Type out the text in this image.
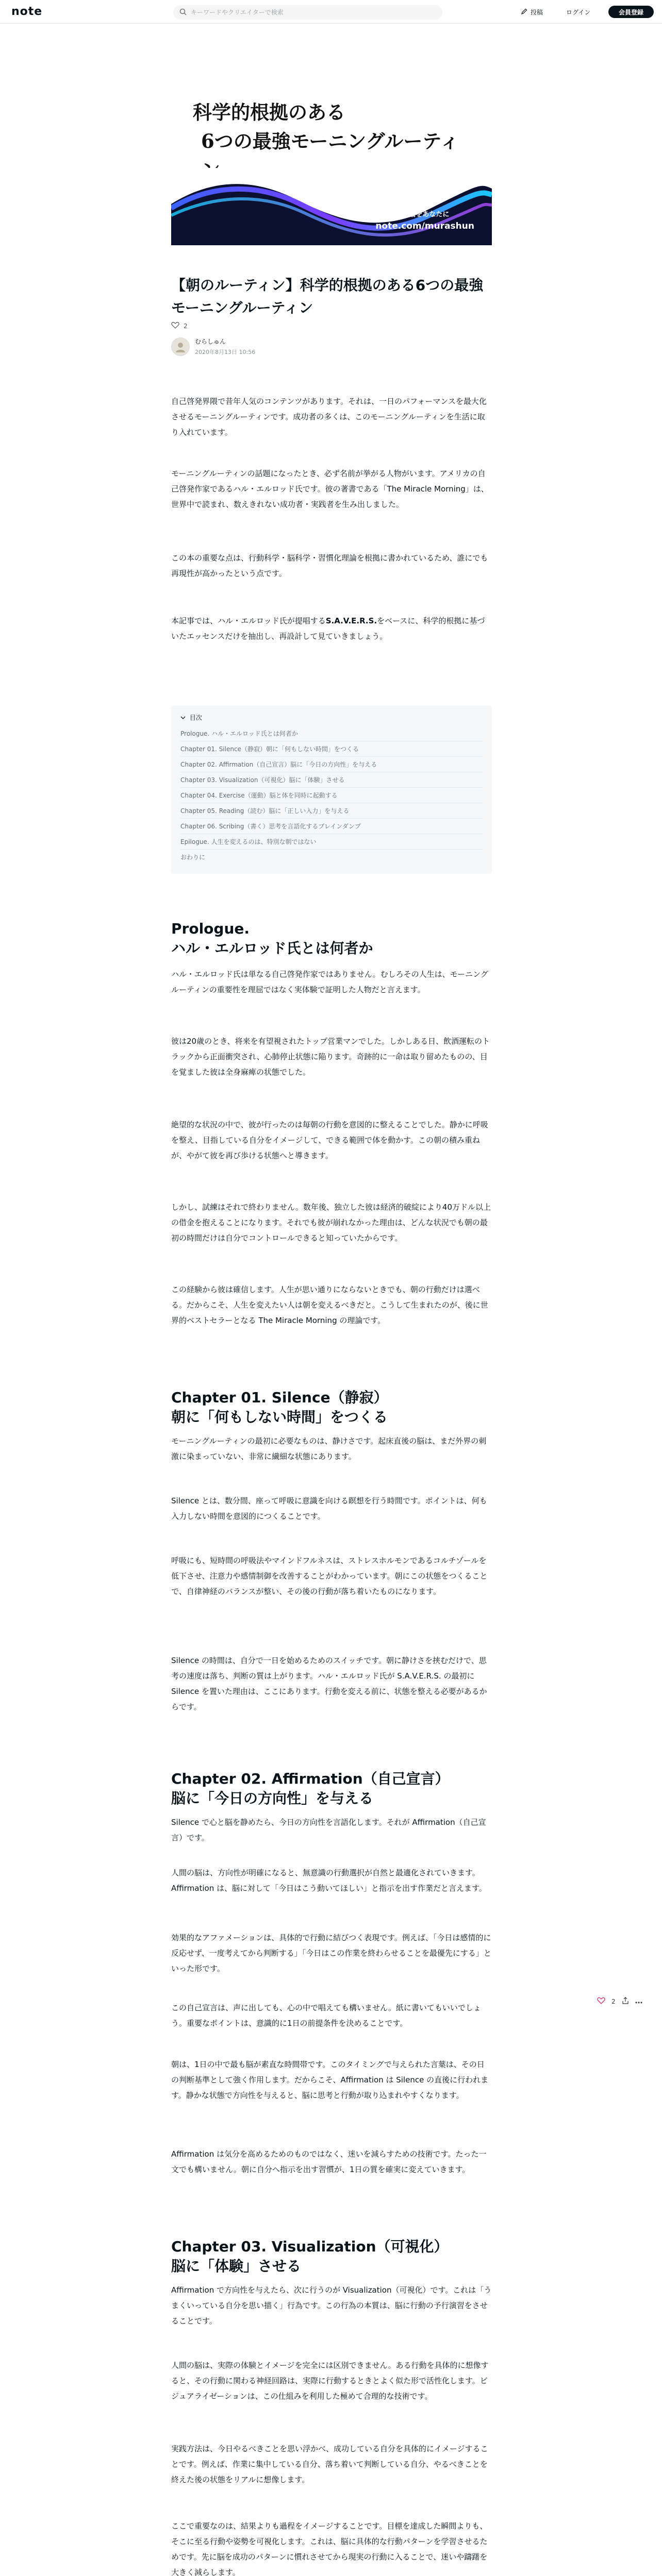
note
キーワードやクリエイターで検索	投稿	ログイン	会員登録
科学的根拠のある
6つの最強モーニングルーティ
最高の進化論をあなたに
note.com/murashun
【朝のルーティン】科学的根拠のある6つの最強モーニングルーティン
2
むらしゅん
2020年8月13日 10:56
自己啓発界隈で昔年人気のコンテンツがあります。それは、一日のパフォーマンスを最大化させるモーニングルーティンです。成功者の多くは、このモーニングルーティンを生活に取り入れています。
モーニングルーティンの話題になったとき、必ず名前が挙がる人物がいます。アメリカの自己啓発作家であるハル・エルロッド氏です。彼の著書である「The Miracle Morning」は、世界中で読まれ、数えきれない成功者・実践者を生み出しました。
この本の重要な点は、行動科学・脳科学・習慣化理論を根拠に書かれているため、誰にでも再現性が高かったという点です。
本記事では、ハル・エルロッド氏が提唱するS.A.V.E.R.S.をベースに、科学的根拠に基づいたエッセンスだけを抽出し、再設計して見ていきましょう。
目次
Prologue. ハル・エルロッド氏とは何者か
Chapter 01. Silence（静寂）朝に「何もしない時間」をつくる
Chapter 02. Affirmation（自己宣言）脳に「今日の方向性」を与える
Chapter 03. Visualization（可視化）脳に「体験」させる
Chapter 04. Exercise（運動）脳と体を同時に起動する
Chapter 05. Reading（読む）脳に「正しい入力」を与える
Chapter 06. Scribing（書く）思考を言語化するブレインダンプ
Epilogue. 人生を変えるのは、特別な朝ではない
おわりに
Prologue.
ハル・エルロッド氏とは何者か
ハル・エルロッド氏は単なる自己啓発作家ではありません。むしろその人生は、モーニングルーティンの重要性を理屈ではなく実体験で証明した人物だと言えます。
彼は20歳のとき、将来を有望視されたトップ営業マンでした。しかしある日、飲酒運転のトラックから正面衝突され、心肺停止状態に陥ります。奇跡的に一命は取り留めたものの、目を覚ました彼は全身麻痺の状態でした。
絶望的な状況の中で、彼が行ったのは毎朝の行動を意図的に整えることでした。静かに呼吸を整え、目指している自分をイメージして、できる範囲で体を動かす。この朝の積み重ねが、やがて彼を再び歩ける状態へと導きます。
しかし、試練はそれで終わりません。数年後、独立した彼は経済的破綻により40万ドル以上の借金を抱えることになります。それでも彼が崩れなかった理由は、どんな状況でも朝の最初の時間だけは自分でコントロールできると知っていたからです。
この経験から彼は確信します。人生が思い通りにならないときでも、朝の行動だけは選べる。だからこそ、人生を変えたい人は朝を変えるべきだと。こうして生まれたのが、後に世界的ベストセラーとなる The Miracle Morning の理論です。
Chapter 01. Silence（静寂）
朝に「何もしない時間」をつくる
モーニングルーティンの最初に必要なものは、静けさです。起床直後の脳は、まだ外界の刺激に染まっていない、非常に繊細な状態にあります。
Silence とは、数分間、座って呼吸に意識を向ける瞑想を行う時間です。ポイントは、何も入力しない時間を意図的につくることです。
呼吸にも、短時間の呼吸法やマインドフルネスは、ストレスホルモンであるコルチゾールを低下させ、注意力や感情制御を改善することがわかっています。朝にこの状態をつくることで、自律神経のバランスが整い、その後の行動が落ち着いたものになります。
Silence の時間は、自分で一日を始めるためのスイッチです。朝に静けさを挟むだけで、思考の速度は落ち、判断の質は上がります。ハル・エルロッド氏が S.A.V.E.R.S. の最初に Silence を置いた理由は、ここにあります。行動を変える前に、状態を整える必要があるからです。
Chapter 02. Affirmation（自己宣言）
脳に「今日の方向性」を与える
Silence で心と脳を静めたら、今日の方向性を言語化します。それが Affirmation（自己宣言）です。
人間の脳は、方向性が明確になると、無意識の行動選択が自然と最適化されていきます。Affirmation は、脳に対して「今日はこう動いてほしい」と指示を出す作業だと言えます。
効果的なアファメーションは、具体的で行動に結びつく表現です。例えば、「今日は感情的に反応せず、一度考えてから判断する」「今日はこの作業を終わらせることを最優先にする」といった形です。
この自己宣言は、声に出しても、心の中で唱えても構いません。紙に書いてもいいでしょう。重要なポイントは、意識的に1日の前提条件を決めることです。
朝は、1日の中で最も脳が素直な時間帯です。このタイミングで与えられた言葉は、その日の判断基準として強く作用します。だからこそ、Affirmation は Silence の直後に行われます。静かな状態で方向性を与えると、脳に思考と行動が取り込まれやすくなります。
Affirmation は気分を高めるためのものではなく、迷いを減らすための技術です。たった一文でも構いません。朝に自分へ指示を出す習慣が、1日の質を確実に変えていきます。
Chapter 03. Visualization（可視化）
脳に「体験」させる
Affirmation で方向性を与えたら、次に行うのが Visualization（可視化）です。これは「うまくいっている自分を思い描く」行為です。この行為の本質は、脳に行動の予行演習をさせることです。
人間の脳は、実際の体験とイメージを完全には区別できません。ある行動を具体的に想像すると、その行動に関わる神経回路は、実際に行動するときとよく似た形で活性化します。ビジュアライゼーションは、この仕組みを利用した極めて合理的な技術です。
実践方法は、今日やるべきことを思い浮かべ、成功している自分を具体的にイメージすることです。例えば、作業に集中している自分、落ち着いて判断している自分、やるべきことを終えた後の状態をリアルに想像します。
ここで重要なのは、結果よりも過程をイメージすることです。目標を達成した瞬間よりも、そこに至る行動や姿勢を可視化します。これは、脳に具体的な行動パターンを学習させるためです。先に脳を成功のパターンに慣れさせてから現実の行動に入ることで、迷いや躊躇を大きく減らします。
2
